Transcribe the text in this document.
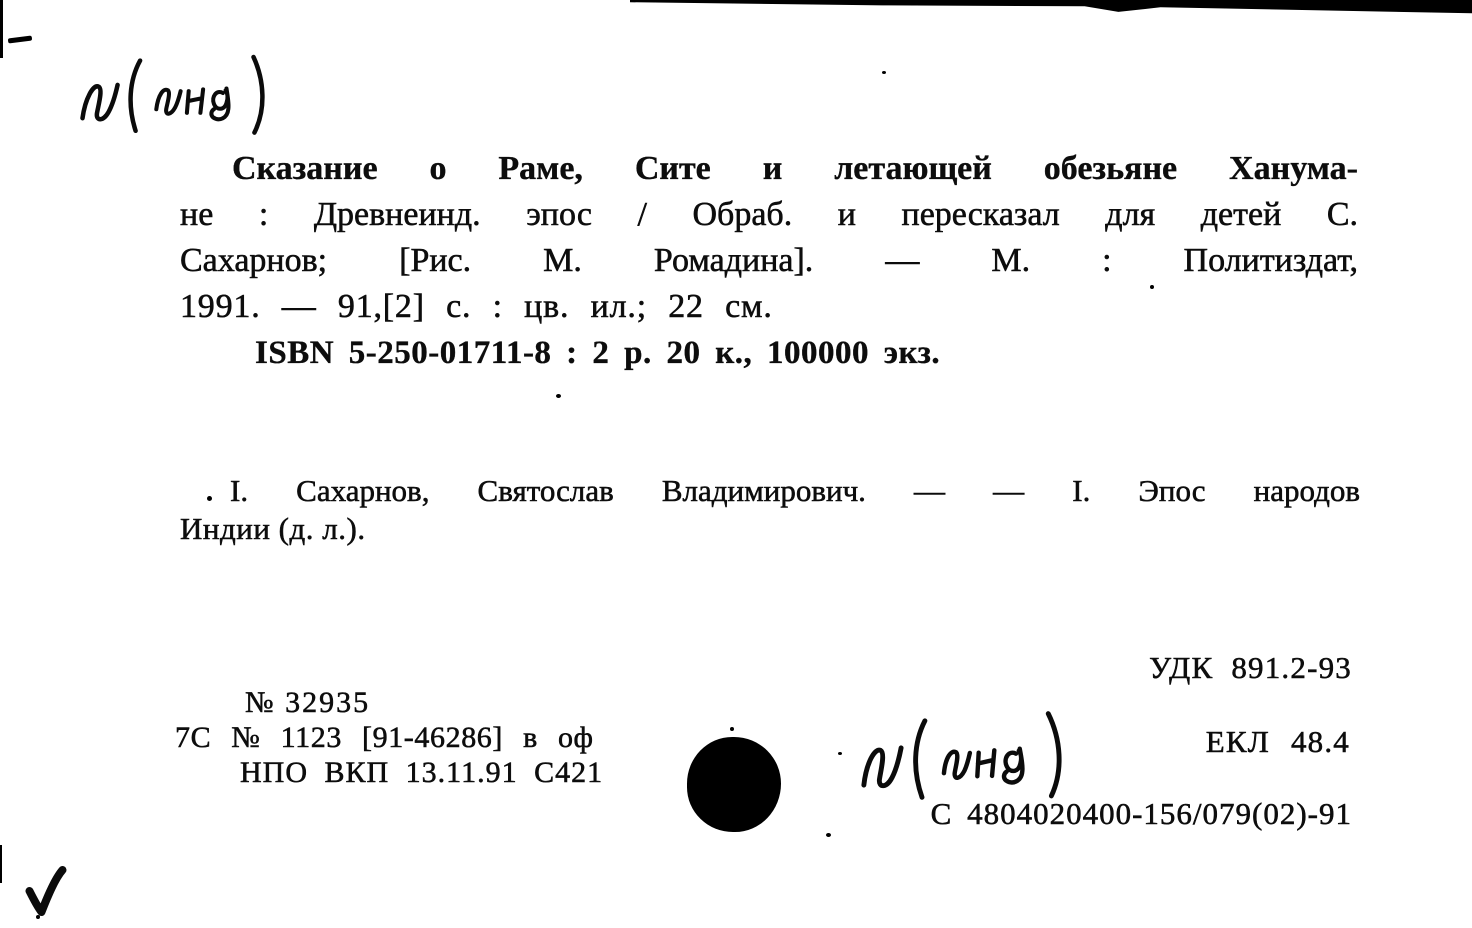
Сказание о Раме, Сите и летающей обезьяне Ханума-
не : Древнеинд. эпос / Обраб. и пересказал для детей С.
Сахарнов; [Рис. М. Ромадина]. — М. : Политиздат,
1991. — 91,[2] с. : цв. ил.; 22 см.
ISBN 5-250-01711-8 : 2 р. 20 к., 100000 экз.
I. Сахарнов, Святослав Владимирович. — — I. Эпос народов
Индии (д. л.).
УДК 891.2-93
ЕКЛ 48.4
С 4804020400-156/079(02)-91
№ 32935
7С № 1123 [91-46286] в оф
НПО ВКП 13.11.91 С421
